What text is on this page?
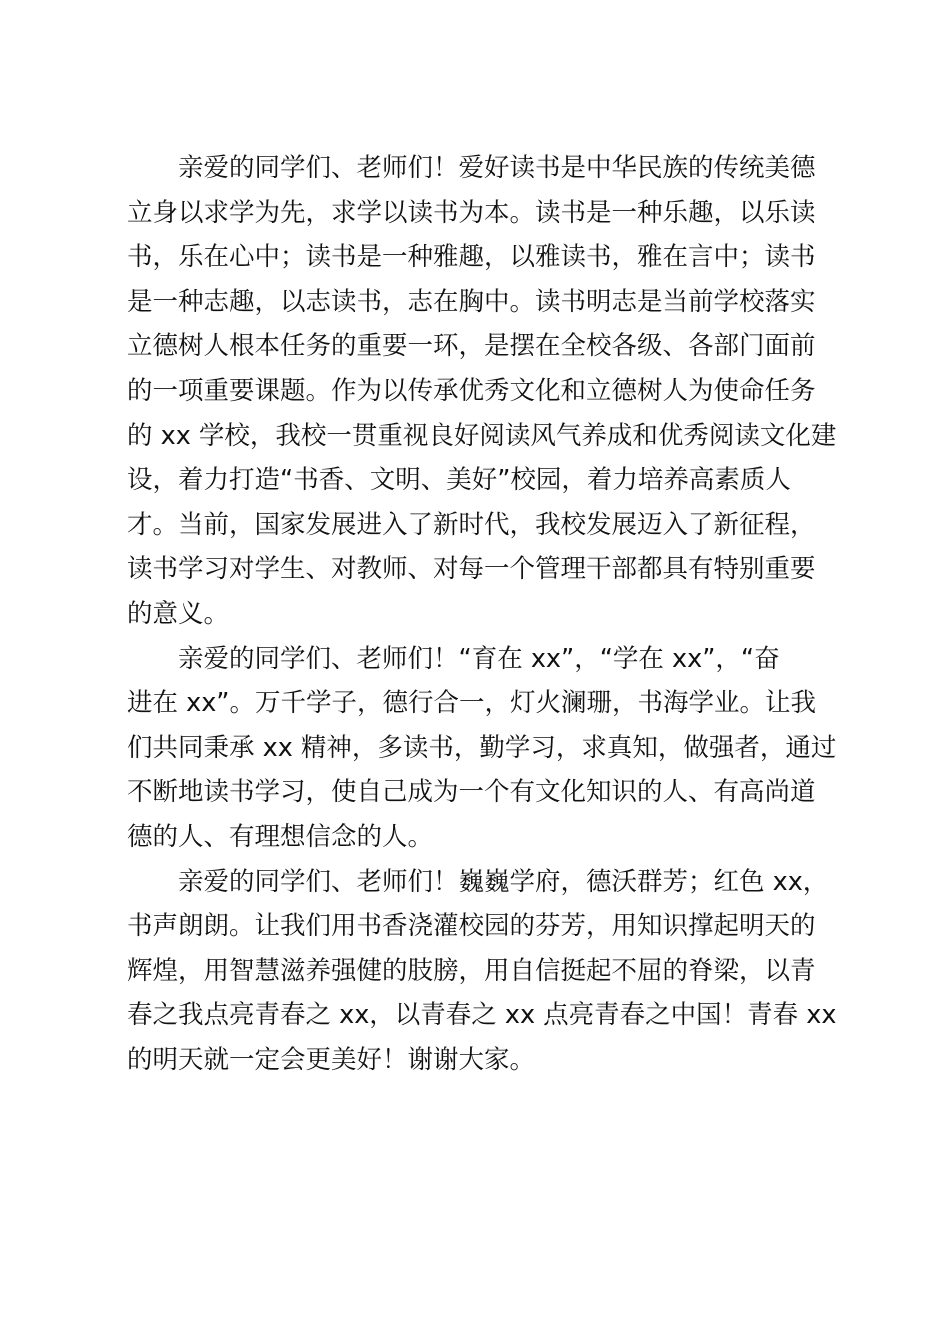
亲爱的同学们、老师们！爱好读书是中华民族的传统美德
立身以求学为先，求学以读书为本。读书是一种乐趣，以乐读
书，乐在心中；读书是一种雅趣，以雅读书，雅在言中；读书
是一种志趣，以志读书，志在胸中。读书明志是当前学校落实
立德树人根本任务的重要一环，是摆在全校各级、各部门面前
的一项重要课题。作为以传承优秀文化和立德树人为使命任务
的 xx 学校，我校一贯重视良好阅读风气养成和优秀阅读文化建
设，着力打造“书香、文明、美好”校园，着力培养高素质人
才。当前，国家发展进入了新时代，我校发展迈入了新征程，
读书学习对学生、对教师、对每一个管理干部都具有特别重要
的意义。
亲爱的同学们、老师们！“育在 xx”，“学在 xx”，“奋
进在 xx”。万千学子，德行合一，灯火澜珊，书海学业。让我
们共同秉承 xx 精神，多读书，勤学习，求真知，做强者，通过
不断地读书学习，使自己成为一个有文化知识的人、有高尚道
德的人、有理想信念的人。
亲爱的同学们、老师们！巍巍学府，德沃群芳；红色 xx，
书声朗朗。让我们用书香浇灌校园的芬芳，用知识撑起明天的
辉煌，用智慧滋养强健的肢膀，用自信挺起不屈的脊梁，以青
春之我点亮青春之 xx，以青春之 xx 点亮青春之中国！青春 xx
的明天就一定会更美好！谢谢大家。
